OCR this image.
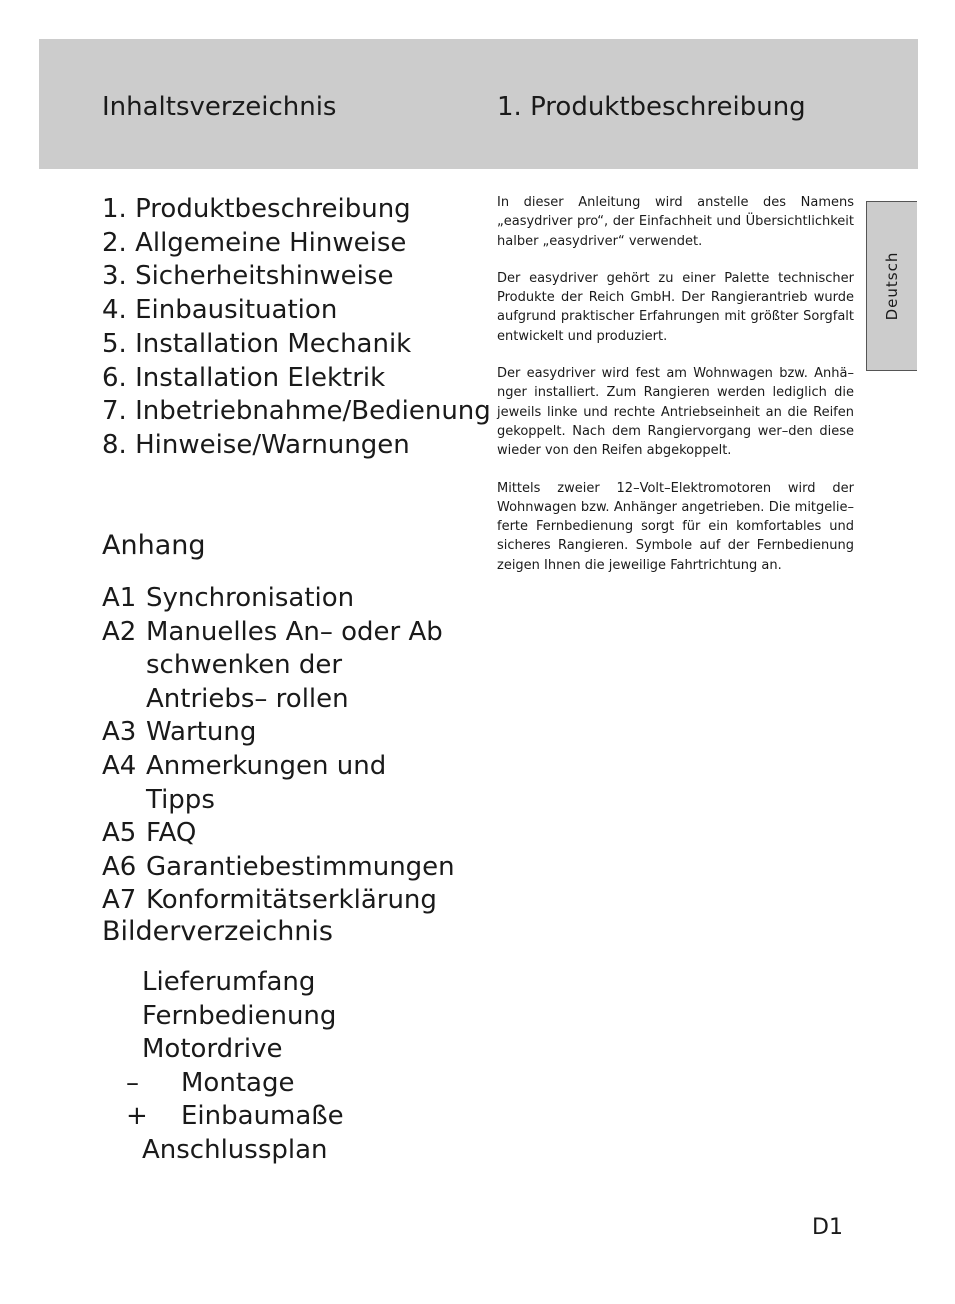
Inhaltsverzeichnis	1. Produktbeschreibung
1. Produktbeschreibung
2. Allgemeine Hinweise
3. Sicherheitshinweise
4. Einbausituation
5. Installation Mechanik
6. Installation Elektrik
7. Inbetriebnahme/Bedienung
8. Hinweise/Warnungen
Anhang
A1 Synchronisation
A2 Manuelles An– oder Ab schwenken der Antriebs– rollen
A3 Wartung
A4 Anmerkungen und Tipps
A5 FAQ
A6 Garantiebestimmungen
A7 Konformitätserklärung
Bilderverzeichnis
Lieferumfang
Fernbedienung
Motordrive
– Montage
+ Einbaumaße
Anschlussplan

In dieser Anleitung wird anstelle des Namens „easydriver pro“, der Einfachheit und Übersichtlichkeit halber „easydriver“ verwendet.

Der easydriver gehört zu einer Palette technischer Produkte der Reich GmbH. Der Rangierantrieb wurde aufgrund praktischer Erfahrungen mit größter Sorgfalt entwickelt und produziert.

Der easydriver wird fest am Wohnwagen bzw. Anhä–nger installiert. Zum Rangieren werden lediglich die jeweils linke und rechte Antriebseinheit an die Reifen gekoppelt. Nach dem Rangiervorgang wer–den diese wieder von den Reifen abgekoppelt.

Mittels zweier 12–Volt–Elektromotoren wird der Wohnwagen bzw. Anhänger angetrieben. Die mitgelie–ferte Fernbedienung sorgt für ein komfortables und sicheres Rangieren. Symbole auf der Fernbedienung zeigen Ihnen die jeweilige Fahrtrichtung an.

Deutsch
D1
